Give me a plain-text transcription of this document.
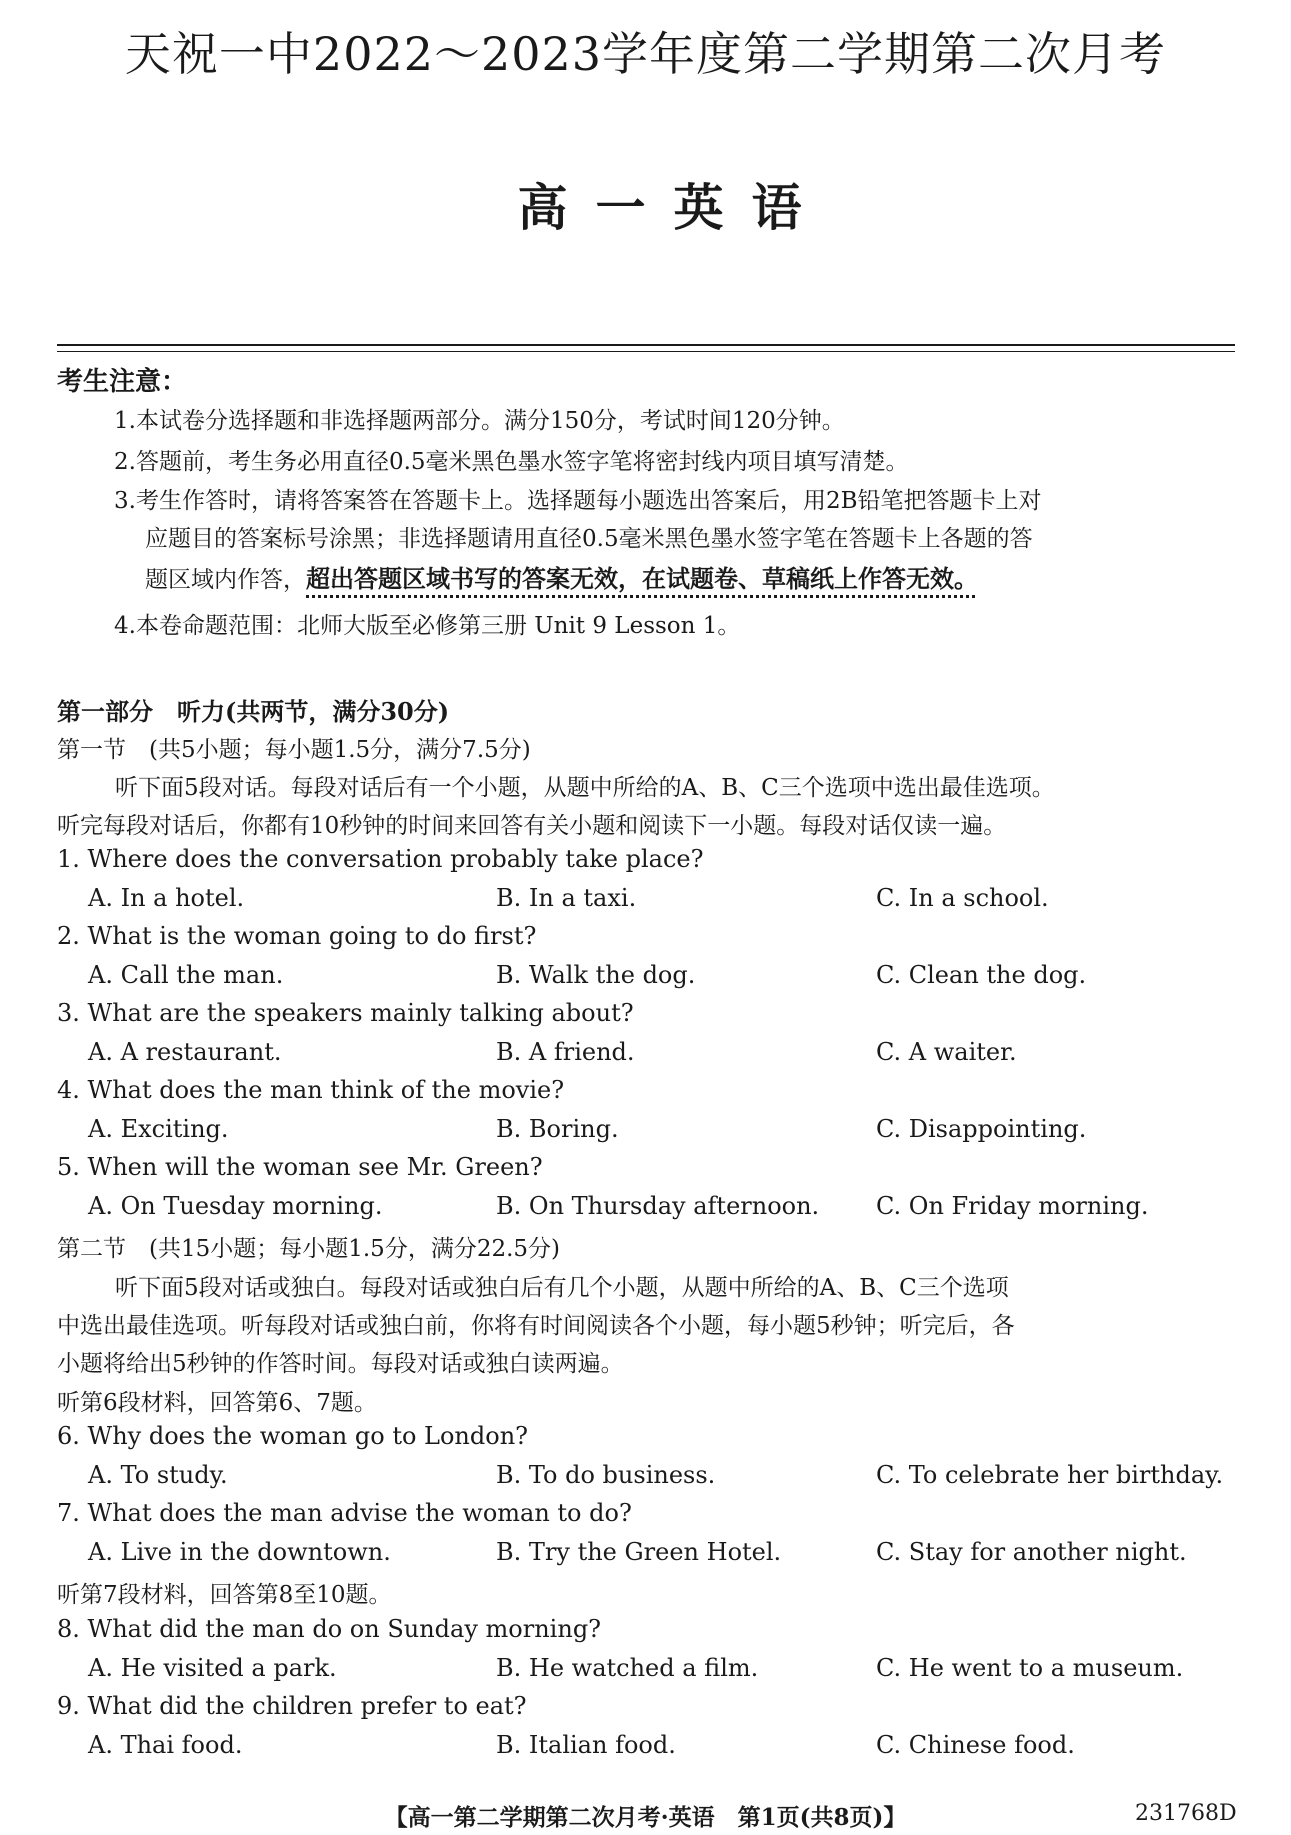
天祝一中2022～2023学年度第二学期第二次月考
高一英语
考生注意：
1.本试卷分选择题和非选择题两部分。满分150分，考试时间120分钟。
2.答题前，考生务必用直径0.5毫米黑色墨水签字笔将密封线内项目填写清楚。
3.考生作答时，请将答案答在答题卡上。选择题每小题选出答案后，用2B铅笔把答题卡上对
应题目的答案标号涂黑；非选择题请用直径0.5毫米黑色墨水签字笔在答题卡上各题的答
题区域内作答，超出答题区域书写的答案无效，在试题卷、草稿纸上作答无效。
4.本卷命题范围：北师大版至必修第三册 Unit 9 Lesson 1。
第一部分　听力(共两节，满分30分)
第一节　(共5小题；每小题1.5分，满分7.5分)
听下面5段对话。每段对话后有一个小题，从题中所给的A、B、C三个选项中选出最佳选项。
听完每段对话后，你都有10秒钟的时间来回答有关小题和阅读下一小题。每段对话仅读一遍。
1. Where does the conversation probably take place?
A. In a hotel.	B. In a taxi.	C. In a school.
2. What is the woman going to do first?
A. Call the man.	B. Walk the dog.	C. Clean the dog.
3. What are the speakers mainly talking about?
A. A restaurant.	B. A friend.	C. A waiter.
4. What does the man think of the movie?
A. Exciting.	B. Boring.	C. Disappointing.
5. When will the woman see Mr. Green?
A. On Tuesday morning.	B. On Thursday afternoon. C. On Friday morning.
第二节　(共15小题；每小题1.5分，满分22.5分)
听下面5段对话或独白。每段对话或独白后有几个小题，从题中所给的A、B、C三个选项
中选出最佳选项。听每段对话或独白前，你将有时间阅读各个小题，每小题5秒钟；听完后，各
小题将给出5秒钟的作答时间。每段对话或独白读两遍。
听第6段材料，回答第6、7题。
6. Why does the woman go to London?
A. To study.	B. To do business.	C. To celebrate her birthday.
7. What does the man advise the woman to do?
A. Live in the downtown.	B. Try the Green Hotel.	C. Stay for another night.
听第7段材料，回答第8至10题。
8. What did the man do on Sunday morning?
A. He visited a park.	B. He watched a film.	C. He went to a museum.
9. What did the children prefer to eat?
A. Thai food.	B. Italian food.	C. Chinese food.
【高一第二学期第二次月考·英语　第1页(共8页)】	231768D
